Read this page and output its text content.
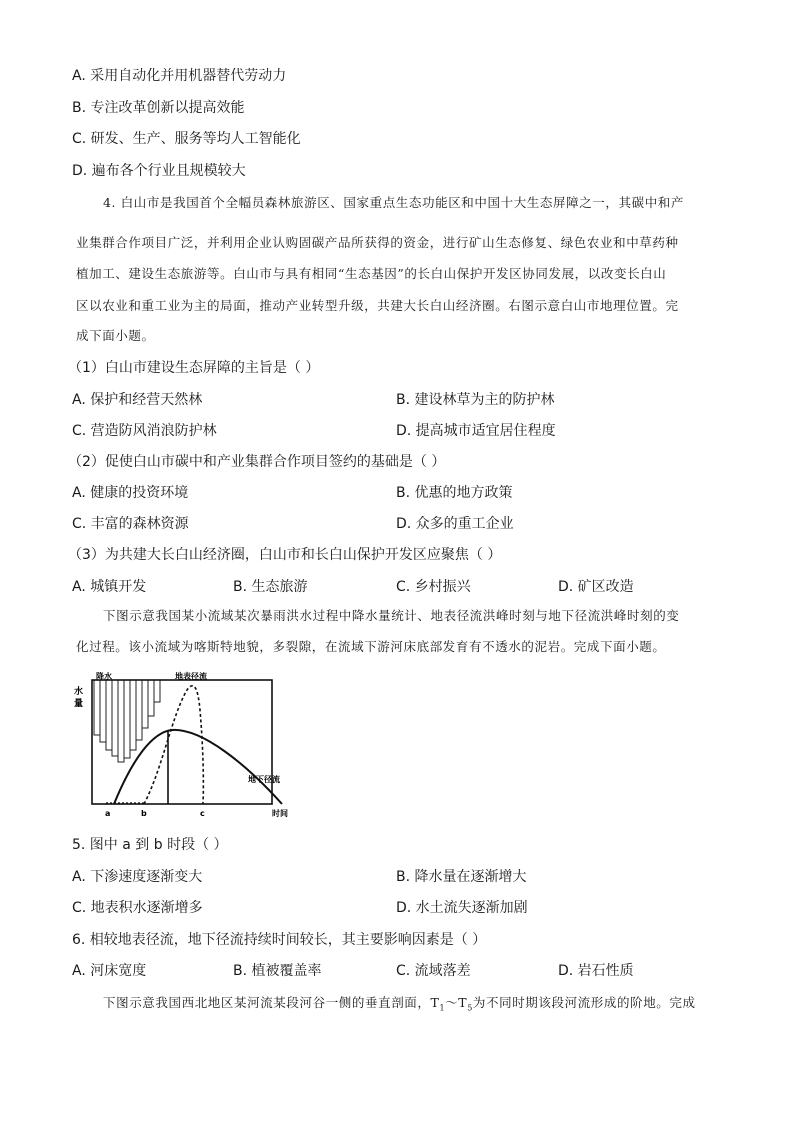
A. 采用自动化并用机器替代劳动力
B. 专注改革创新以提高效能
C. 研发、生产、服务等均人工智能化
D. 遍布各个行业且规模较大
4. 白山市是我国首个全幅员森林旅游区、国家重点生态功能区和中国十大生态屏障之一，其碳中和产
业集群合作项目广泛，并利用企业认购固碳产品所获得的资金，进行矿山生态修复、绿色农业和中草药种
植加工、建设生态旅游等。白山市与具有相同“生态基因”的长白山保护开发区协同发展，以改变长白山
区以农业和重工业为主的局面，推动产业转型升级，共建大长白山经济圈。右图示意白山市地理位置。完
成下面小题。
（1）白山市建设生态屏障的主旨是（ ）
A. 保护和经营天然林	B. 建设林草为主的防护林
C. 营造防风消浪防护林	D. 提高城市适宜居住程度
（2）促使白山市碳中和产业集群合作项目签约的基础是（ ）
A. 健康的投资环境	B. 优惠的地方政策
C. 丰富的森林资源	D. 众多的重工企业
（3）为共建大长白山经济圈，白山市和长白山保护开发区应聚焦（ ）
A. 城镇开发	B. 生态旅游	C. 乡村振兴	D. 矿区改造
下图示意我国某小流域某次暴雨洪水过程中降水量统计、地表径流洪峰时刻与地下径流洪峰时刻的变
化过程。该小流域为喀斯特地貌，多裂隙，在流域下游河床底部发育有不透水的泥岩。完成下面小题。
水
量
降水	地表径流
地下径流
时间
a	b	c
5. 图中 a 到 b 时段（ ）
A. 下渗速度逐渐变大	B. 降水量在逐渐增大
C. 地表积水逐渐增多	D. 水土流失逐渐加剧
6. 相较地表径流，地下径流持续时间较长，其主要影响因素是（ ）
A. 河床宽度	B. 植被覆盖率	C. 流域落差	D. 岩石性质
下图示意我国西北地区某河流某段河谷一侧的垂直剖面，$T_1\sim T_5$为不同时期该段河流形成的阶地。完成
